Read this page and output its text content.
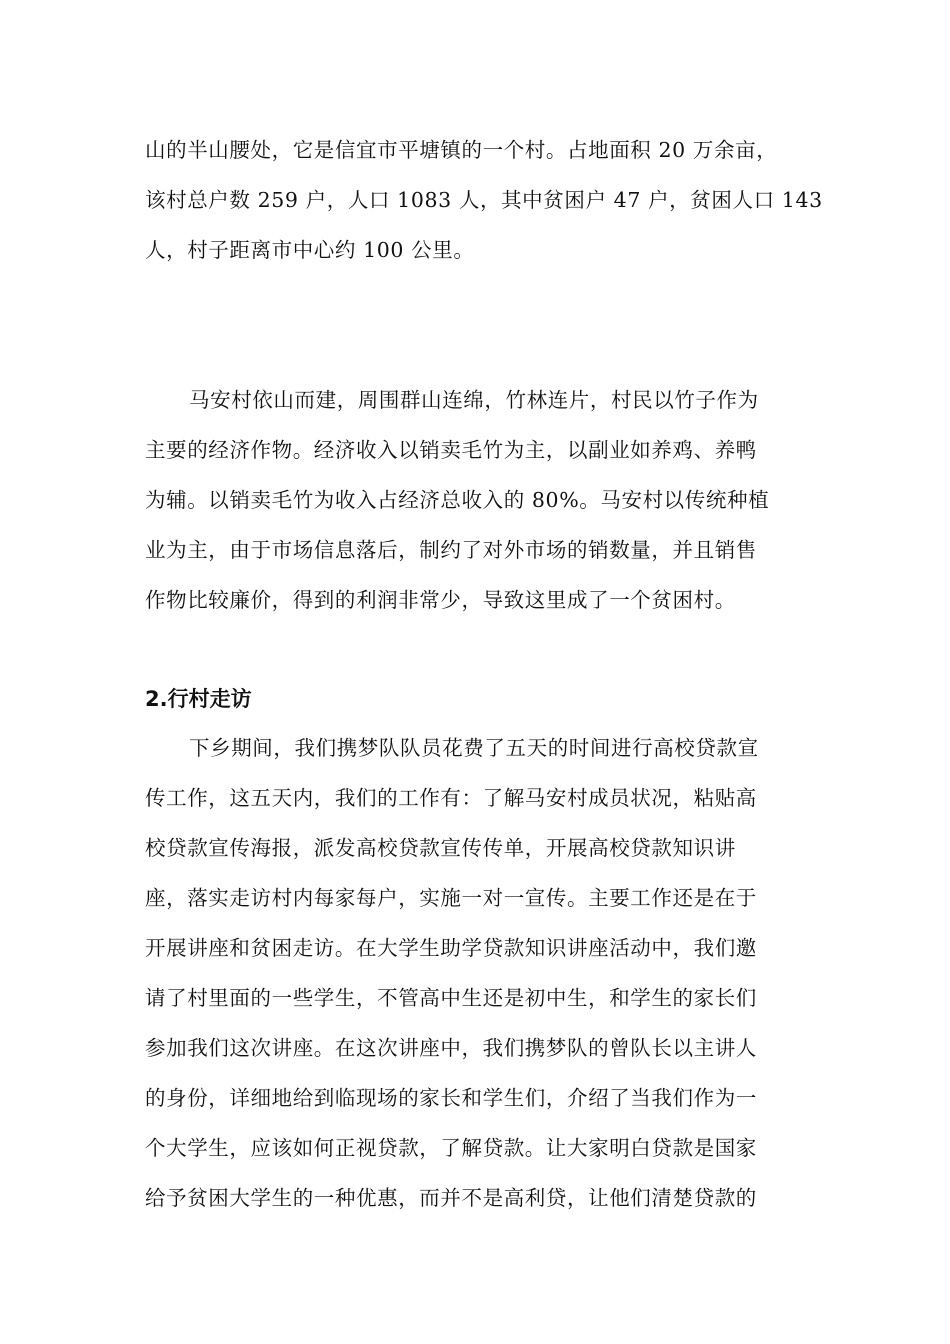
山的半山腰处，它是信宜市平塘镇的一个村。占地面积 20 万余亩，
该村总户数 259 户，人口 1083 人，其中贫困户 47 户，贫困人口 143
人，村子距离市中心约 100 公里。
马安村依山而建，周围群山连绵，竹林连片，村民以竹子作为
主要的经济作物。经济收入以销卖毛竹为主，以副业如养鸡、养鸭
为辅。以销卖毛竹为收入占经济总收入的 80%。马安村以传统种植
业为主，由于市场信息落后，制约了对外市场的销数量，并且销售
作物比较廉价，得到的利润非常少，导致这里成了一个贫困村。
2.行村走访
下乡期间，我们携梦队队员花费了五天的时间进行高校贷款宣
传工作，这五天内，我们的工作有：了解马安村成员状况，粘贴高
校贷款宣传海报，派发高校贷款宣传传单，开展高校贷款知识讲
座，落实走访村内每家每户，实施一对一宣传。主要工作还是在于
开展讲座和贫困走访。在大学生助学贷款知识讲座活动中，我们邀
请了村里面的一些学生，不管高中生还是初中生，和学生的家长们
参加我们这次讲座。在这次讲座中，我们携梦队的曾队长以主讲人
的身份，详细地给到临现场的家长和学生们，介绍了当我们作为一
个大学生，应该如何正视贷款，了解贷款。让大家明白贷款是国家
给予贫困大学生的一种优惠，而并不是高利贷，让他们清楚贷款的
